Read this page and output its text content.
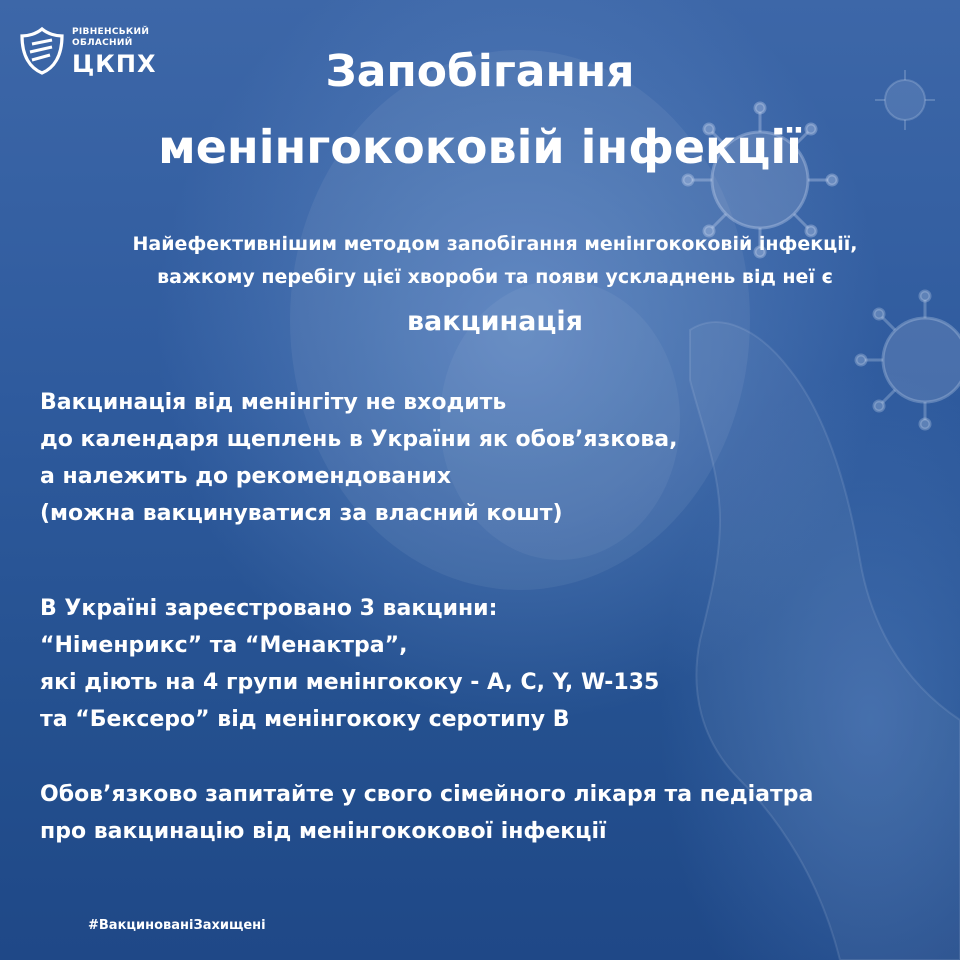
РІВНЕНСЬКИЙ
ОБЛАСНИЙ
ЦКПХ	Запобігання
менінгококовій інфекції
Найефективнішим методом запобігання менінгококовій інфекції,
важкому перебігу цієї хвороби та появи ускладнень від неї є
вакцинація
Вакцинація від менінгіту не входить
до календаря щеплень в України як обов’язкова,
а належить до рекомендованих
(можна вакцинуватися за власний кошт)
В Україні зареєстровано 3 вакцини:
“Німенрикс” та “Менактра”,
які діють на 4 групи менінгококу - A, C, Y, W-135
та “Бексеро” від менінгококу серотипу В
Обов’язково запитайте у свого сімейного лікаря та педіатра
про вакцинацію від менінгококової інфекції
#ВакциновaніЗахищені
